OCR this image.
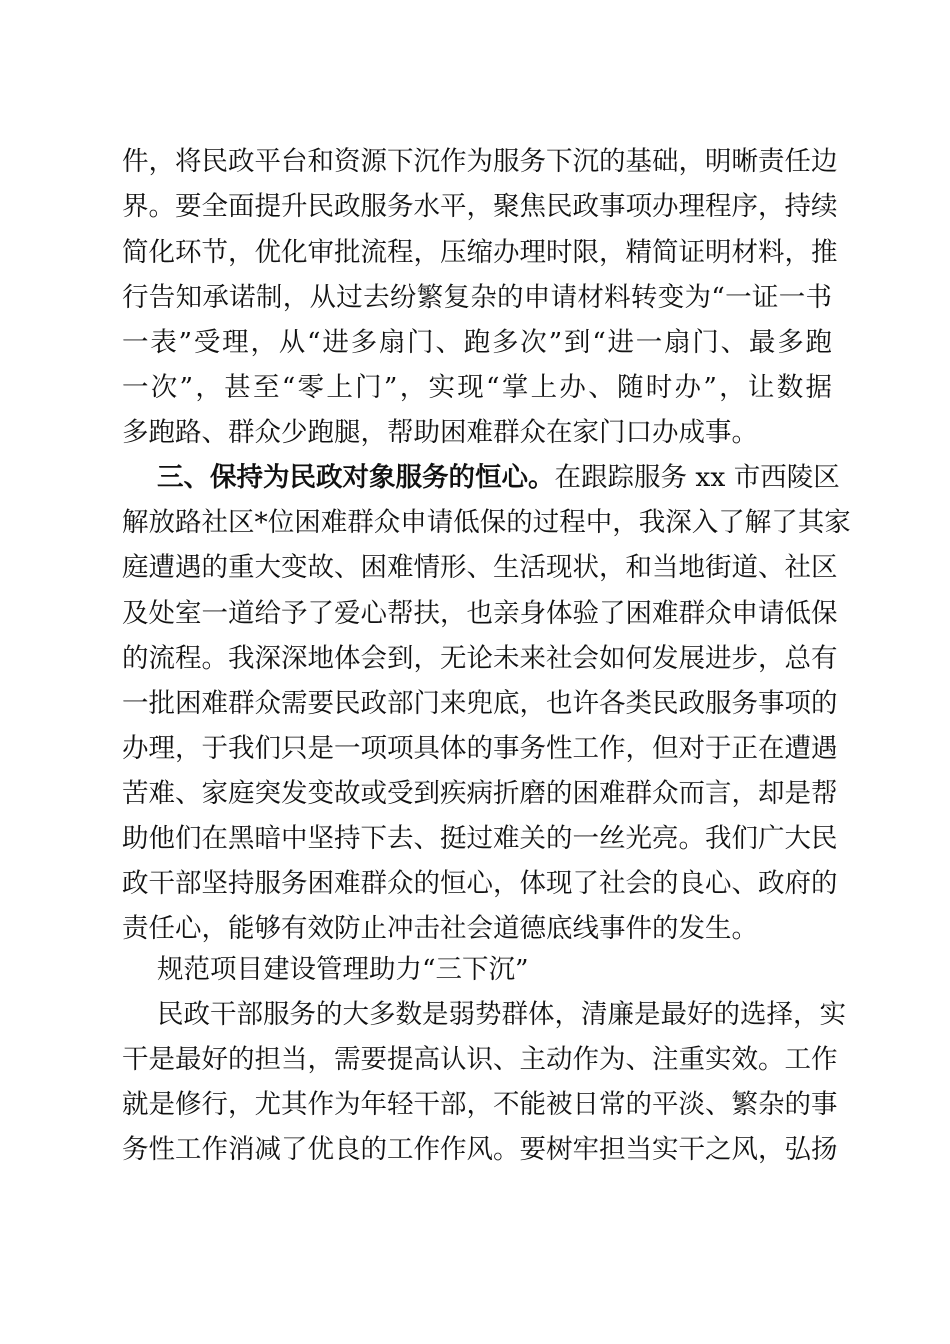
件，将民政平台和资源下沉作为服务下沉的基础，明晰责任边
界。要全面提升民政服务水平，聚焦民政事项办理程序，持续
简化环节，优化审批流程，压缩办理时限，精简证明材料，推
行告知承诺制，从过去纷繁复杂的申请材料转变为“一证一书
一表”受理，从“进多扇门、跑多次”到“进一扇门、最多跑
一次”，甚至“零上门”，实现“掌上办、随时办”，让数据
多跑路、群众少跑腿，帮助困难群众在家门口办成事。
三、保持为民政对象服务的恒心。在跟踪服务 xx 市西陵区
解放路社区*位困难群众申请低保的过程中，我深入了解了其家
庭遭遇的重大变故、困难情形、生活现状，和当地街道、社区
及处室一道给予了爱心帮扶，也亲身体验了困难群众申请低保
的流程。我深深地体会到，无论未来社会如何发展进步，总有
一批困难群众需要民政部门来兜底，也许各类民政服务事项的
办理，于我们只是一项项具体的事务性工作，但对于正在遭遇
苦难、家庭突发变故或受到疾病折磨的困难群众而言，却是帮
助他们在黑暗中坚持下去、挺过难关的一丝光亮。我们广大民
政干部坚持服务困难群众的恒心，体现了社会的良心、政府的
责任心，能够有效防止冲击社会道德底线事件的发生。
规范项目建设管理助力“三下沉”
民政干部服务的大多数是弱势群体，清廉是最好的选择，实
干是最好的担当，需要提高认识、主动作为、注重实效。工作
就是修行，尤其作为年轻干部，不能被日常的平淡、繁杂的事
务性工作消减了优良的工作作风。要树牢担当实干之风，弘扬
